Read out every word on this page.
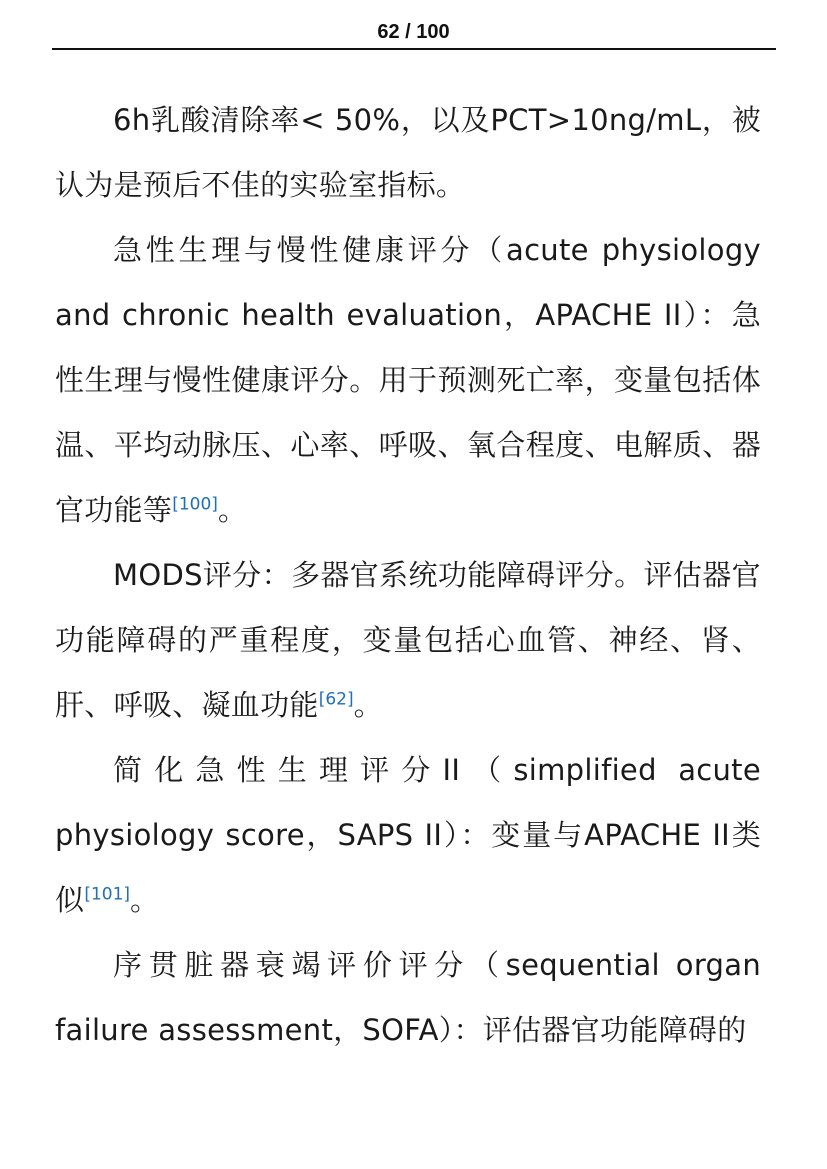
62 / 100

6h乳酸清除率< 50%，以及PCT>10ng/mL，被认为是预后不佳的实验室指标。

急性生理与慢性健康评分（acute physiology and chronic health evaluation，APACHE II）：急性生理与慢性健康评分。用于预测死亡率，变量包括体温、平均动脉压、心率、呼吸、氧合程度、电解质、器官功能等[100]。

MODS评分：多器官系统功能障碍评分。评估器官功能障碍的严重程度，变量包括心血管、神经、肾、肝、呼吸、凝血功能[62]。

简化急性生理评分II（simplified acute physiology score，SAPS II）：变量与APACHE II类似[101]。

序贯脏器衰竭评价评分（sequential organ failure assessment，SOFA）：评估器官功能障碍的
